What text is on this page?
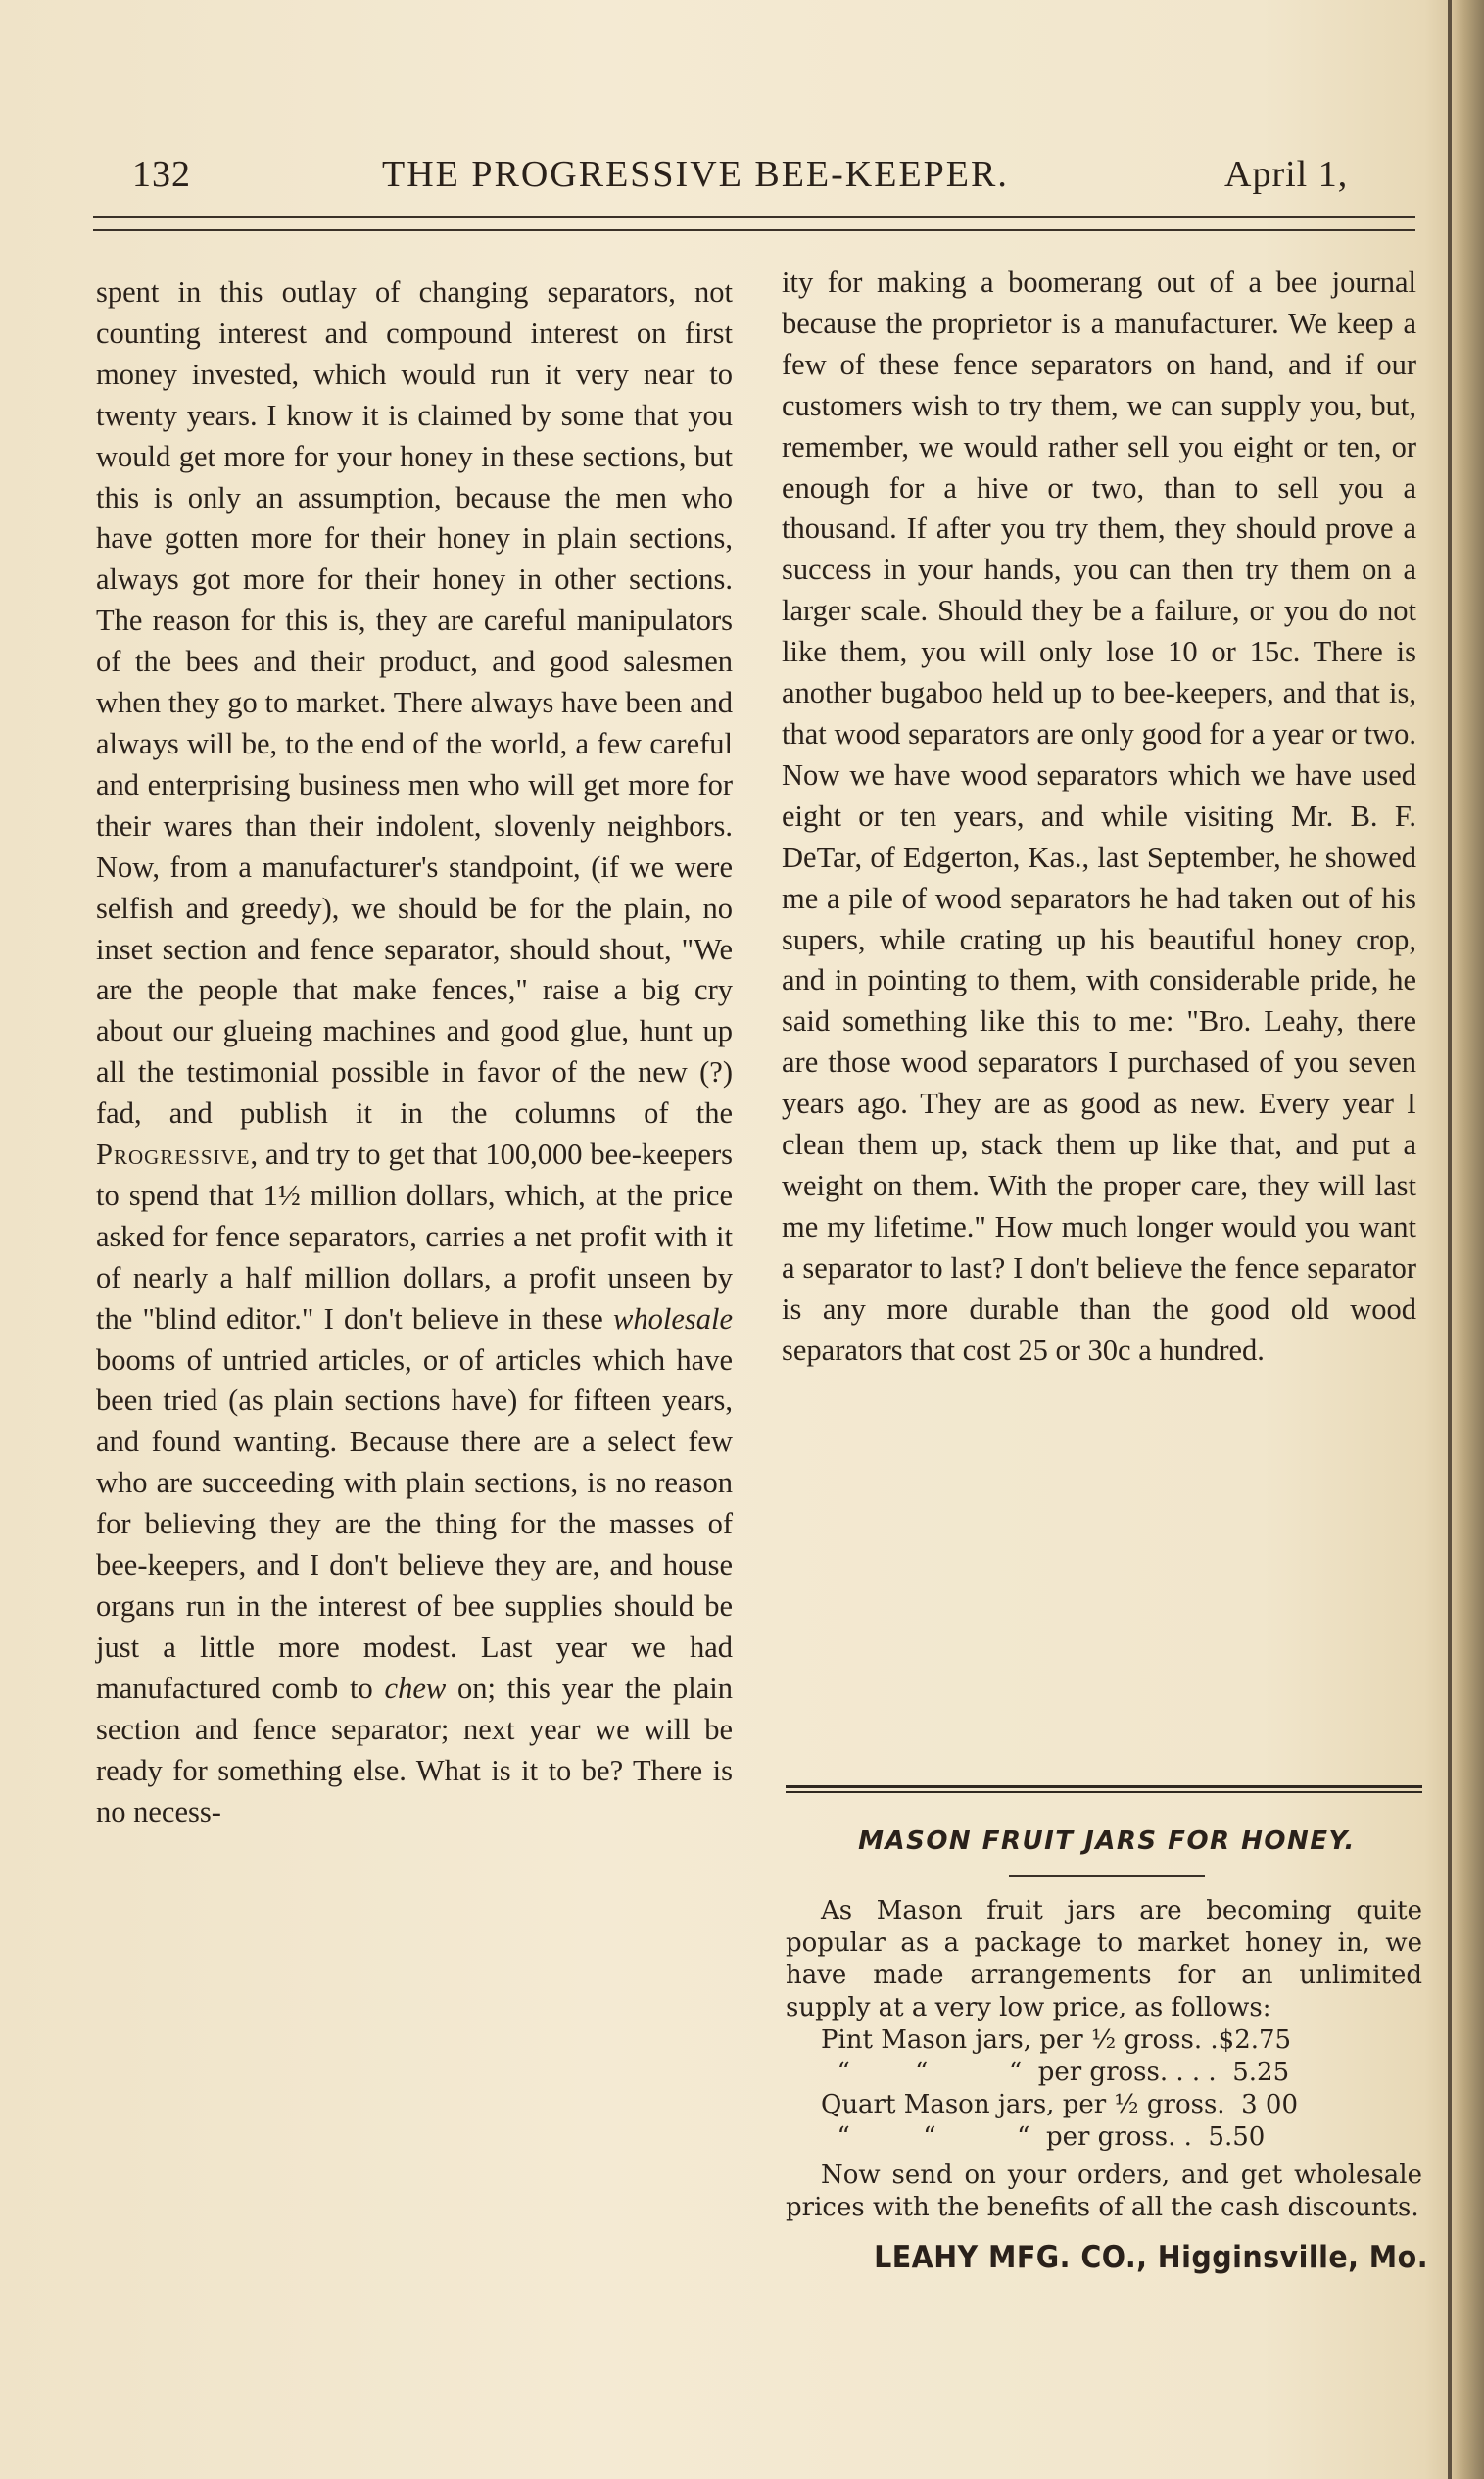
132	THE PROGRESSIVE BEE-KEEPER.	April 1,

spent in this outlay of changing separators, not counting interest and compound interest on first money invested, which would run it very near to twenty years. I know it is claimed by some that you would get more for your honey in these sections, but this is only an assumption, because the men who have gotten more for their honey in plain sections, always got more for their honey in other sections. The reason for this is, they are careful manipulators of the bees and their product, and good salesmen when they go to market. There always have been and always will be, to the end of the world, a few careful and enterprising business men who will get more for their wares than their indolent, slovenly neighbors. Now, from a manufacturer's standpoint, (if we were selfish and greedy), we should be for the plain, no inset section and fence separator, should shout, "We are the people that make fences," raise a big cry about our glueing machines and good glue, hunt up all the testimonial possible in favor of the new (?) fad, and publish it in the columns of the Progressive, and try to get that 100,000 bee-keepers to spend that 1½ million dollars, which, at the price asked for fence separators, carries a net profit with it of nearly a half million dollars, a profit unseen by the "blind editor." I don't believe in these wholesale booms of untried articles, or of articles which have been tried (as plain sections have) for fifteen years, and found wanting. Because there are a select few who are succeeding with plain sections, is no reason for believing they are the thing for the masses of bee-keepers, and I don't believe they are, and house organs run in the interest of bee supplies should be just a little more modest. Last year we had manufactured comb to chew on; this year the plain section and fence separator; next year we will be ready for something else. What is it to be? There is no necess-

ity for making a boomerang out of a bee journal because the proprietor is a manufacturer. We keep a few of these fence separators on hand, and if our customers wish to try them, we can supply you, but, remember, we would rather sell you eight or ten, or enough for a hive or two, than to sell you a thousand. If after you try them, they should prove a success in your hands, you can then try them on a larger scale. Should they be a failure, or you do not like them, you will only lose 10 or 15c. There is another bugaboo held up to bee-keepers, and that is, that wood separators are only good for a year or two. Now we have wood separators which we have used eight or ten years, and while visiting Mr. B. F. DeTar, of Edgerton, Kas., last September, he showed me a pile of wood separators he had taken out of his supers, while crating up his beautiful honey crop, and in pointing to them, with considerable pride, he said something like this to me: "Bro. Leahy, there are those wood separators I purchased of you seven years ago. They are as good as new. Every year I clean them up, stack them up like that, and put a weight on them. With the proper care, they will last me my lifetime." How much longer would you want a separator to last? I don't believe the fence separator is any more durable than the good old wood separators that cost 25 or 30c a hundred.

MASON FRUIT JARS FOR HONEY.
As Mason fruit jars are becoming quite popular as a package to market honey in, we have made arrangements for an unlimited supply at a very low price, as follows:
Pint Mason jars, per ½ gross. .$2.75
“        “          “  per gross. . . .  5.25
Quart Mason jars, per ½ gross.  3 00
“         “          “  per gross. .  5.50
Now send on your orders, and get wholesale prices with the benefits of all the cash discounts.
LEAHY MFG. CO., Higginsville, Mo.
